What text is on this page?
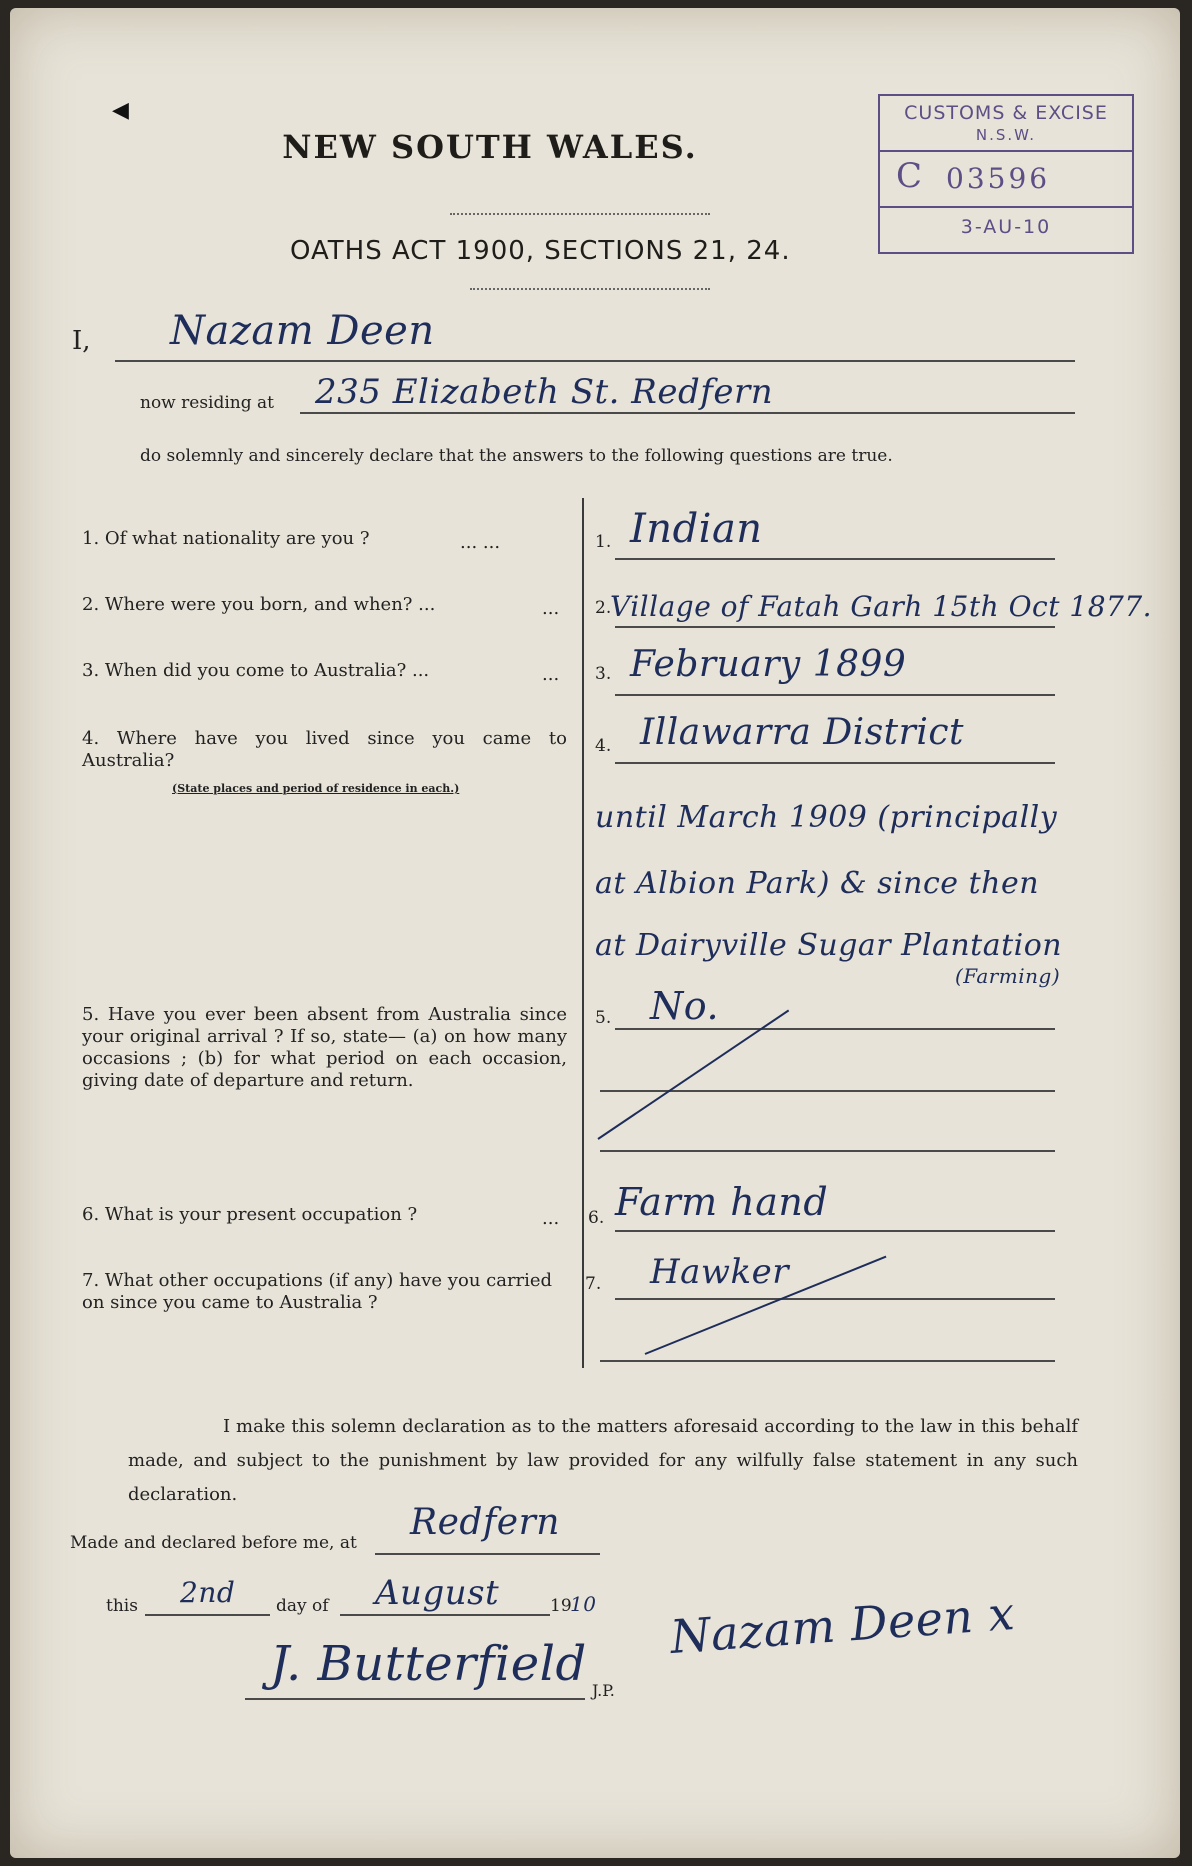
◀
NEW SOUTH WALES.
OATHS ACT 1900, SECTIONS 21, 24.
CUSTOMS & EXCISE
N.S.W.
C 03596
3-AU-10
I, Nazam Deen
now residing at 235 Elizabeth St. Redfern
do solemnly and sincerely declare that the answers to the following questions are true.
1. Of what nationality are you ?	... ...	1. Indian
2. Where were you born, and when? ...	... 2.
Village of Fatah Garh 15th Oct 1877.
3. When did you come to Australia? ...	... 3. February 1899
4. Where have you lived since you came to Australia?
(State places and period of residence in each.)
4. Illawarra District
until March 1909 (principally
at Albion Park) & since then
at Dairyville Sugar Plantation
(Farming)
5. Have you ever been absent from Australia since your original arrival ? If so, state— (a) on how many occasions ; (b) for what period on each occasion, giving date of departure and return.
5. No.
6. What is your present occupation ?	... 6. Farm hand
7. What other occupations (if any) have you carried on since you came to Australia ?
7. Hawker
I make this solemn declaration as to the matters aforesaid according to the law in this behalf made, and subject to the punishment by law provided for any wilfully false statement in any such declaration.
Made and declared before me, at Redfern
this 2nd day of August	19
10
J. Butterfield J.P.
Nazam Deen x
